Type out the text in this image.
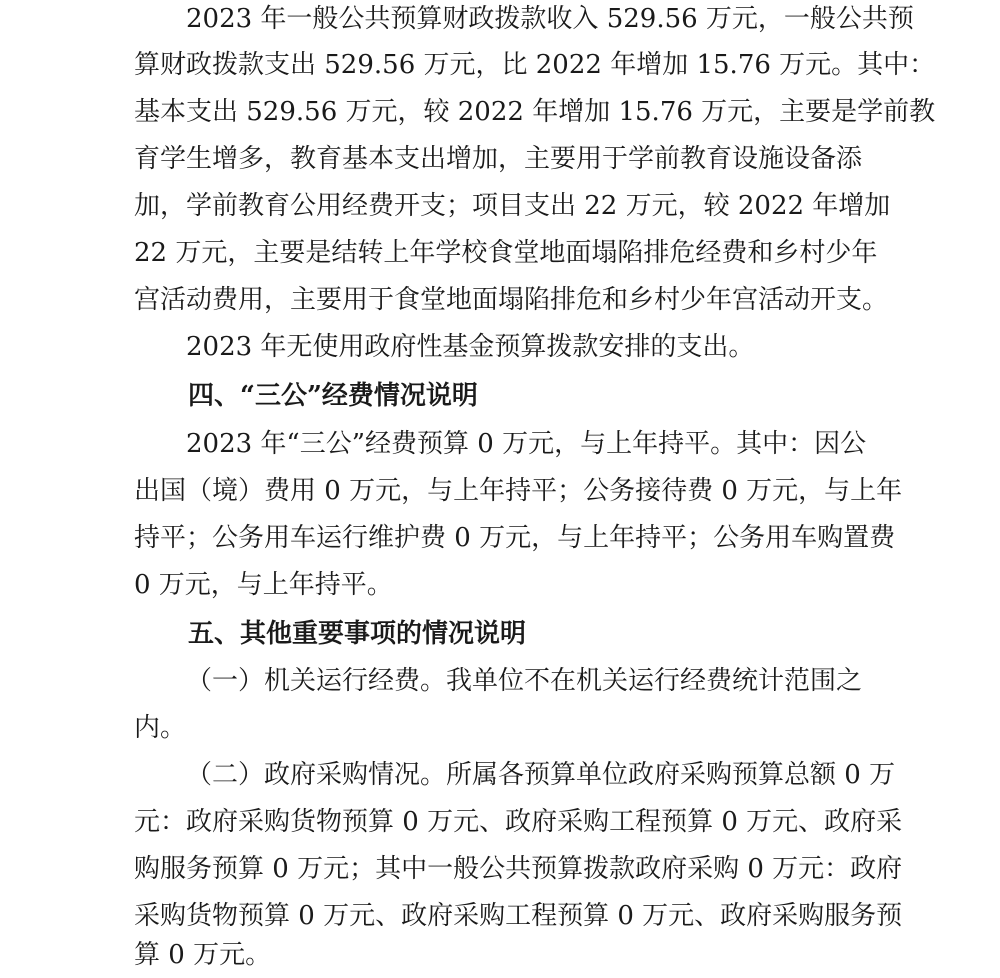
2023 年一般公共预算财政拨款收入 529.56 万元，一般公共预
算财政拨款支出 529.56 万元，比 2022 年增加 15.76 万元。其中：
基本支出 529.56 万元，较 2022 年增加 15.76 万元，主要是学前教
育学生增多，教育基本支出增加，主要用于学前教育设施设备添
加，学前教育公用经费开支；项目支出 22 万元，较 2022 年增加
22 万元，主要是结转上年学校食堂地面塌陷排危经费和乡村少年
宫活动费用，主要用于食堂地面塌陷排危和乡村少年宫活动开支。
2023 年无使用政府性基金预算拨款安排的支出。
四、“三公”经费情况说明
2023 年“三公”经费预算 0 万元，与上年持平。其中：因公
出国（境）费用 0 万元，与上年持平；公务接待费 0 万元，与上年
持平；公务用车运行维护费 0 万元，与上年持平；公务用车购置费
0 万元，与上年持平。
五、其他重要事项的情况说明
（一）机关运行经费。我单位不在机关运行经费统计范围之
内。
（二）政府采购情况。所属各预算单位政府采购预算总额 0 万
元：政府采购货物预算 0 万元、政府采购工程预算 0 万元、政府采
购服务预算 0 万元；其中一般公共预算拨款政府采购 0 万元：政府
采购货物预算 0 万元、政府采购工程预算 0 万元、政府采购服务预
算 0 万元。
